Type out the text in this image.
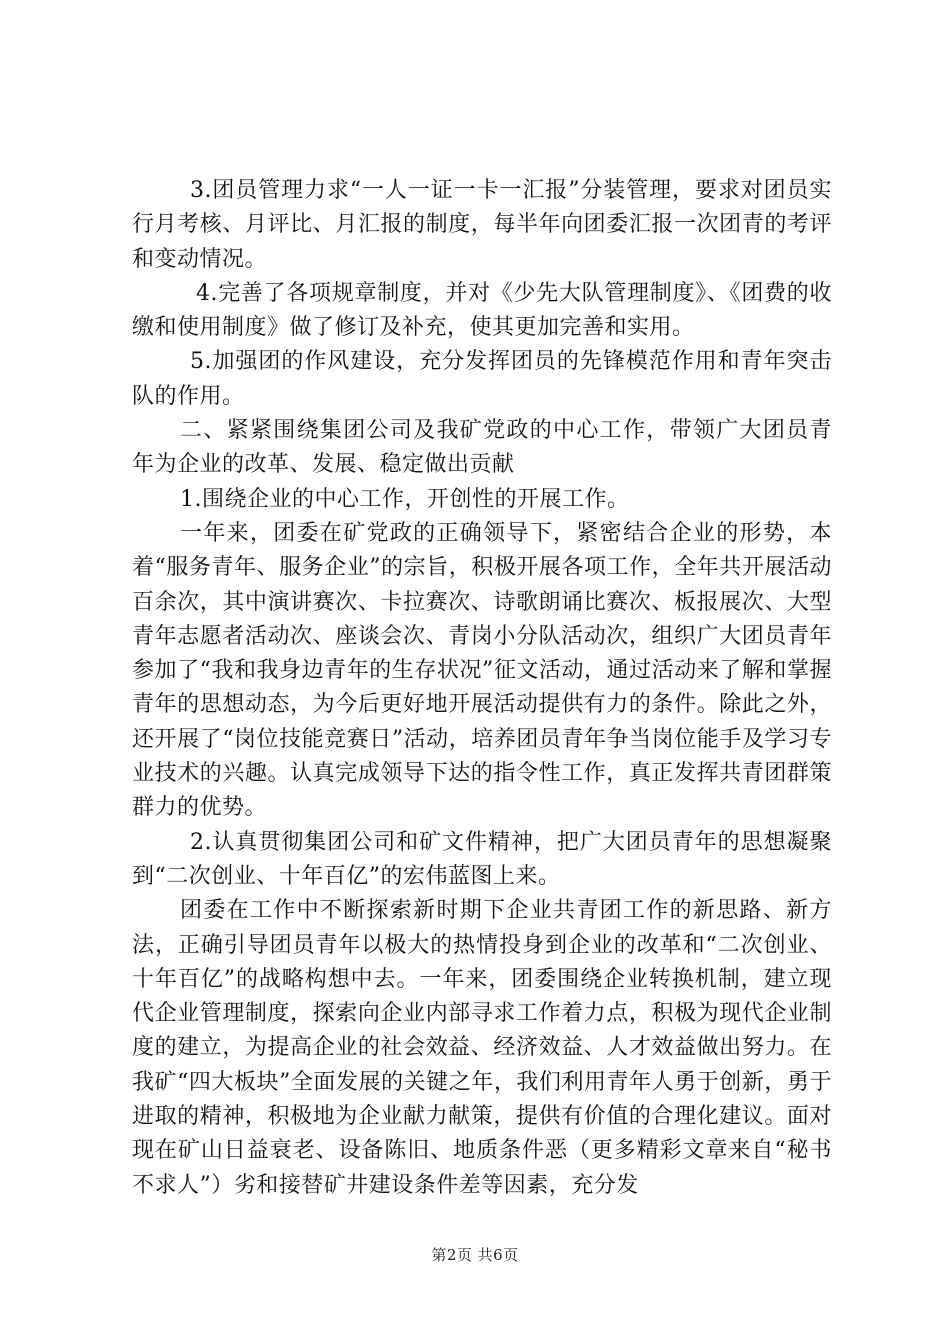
3.团员管理力求“一人一证一卡一汇报”分装管理，要求对团员实行月考核、月评比、月汇报的制度，每半年向团委汇报一次团青的考评和变动情况。

4.完善了各项规章制度，并对《少先大队管理制度》、《团费的收缴和使用制度》做了修订及补充，使其更加完善和实用。

5.加强团的作风建设，充分发挥团员的先锋模范作用和青年突击队的作用。

二、紧紧围绕集团公司及我矿党政的中心工作，带领广大团员青年为企业的改革、发展、稳定做出贡献

1.围绕企业的中心工作，开创性的开展工作。

一年来，团委在矿党政的正确领导下，紧密结合企业的形势，本着“服务青年、服务企业”的宗旨，积极开展各项工作，全年共开展活动百余次，其中演讲赛次、卡拉赛次、诗歌朗诵比赛次、板报展次、大型青年志愿者活动次、座谈会次、青岗小分队活动次，组织广大团员青年参加了“我和我身边青年的生存状况”征文活动，通过活动来了解和掌握青年的思想动态，为今后更好地开展活动提供有力的条件。除此之外，还开展了“岗位技能竞赛日”活动，培养团员青年争当岗位能手及学习专业技术的兴趣。认真完成领导下达的指令性工作，真正发挥共青团群策群力的优势。

2.认真贯彻集团公司和矿文件精神，把广大团员青年的思想凝聚到“二次创业、十年百亿”的宏伟蓝图上来。

团委在工作中不断探索新时期下企业共青团工作的新思路、新方法，正确引导团员青年以极大的热情投身到企业的改革和“二次创业、十年百亿”的战略构想中去。一年来，团委围绕企业转换机制，建立现代企业管理制度，探索向企业内部寻求工作着力点，积极为现代企业制度的建立，为提高企业的社会效益、经济效益、人才效益做出努力。在我矿“四大板块”全面发展的关键之年，我们利用青年人勇于创新，勇于进取的精神，积极地为企业献力献策，提供有价值的合理化建议。面对现在矿山日益衰老、设备陈旧、地质条件恶（更多精彩文章来自“秘书不求人”）劣和接替矿井建设条件差等因素，充分发

第2页 共6页
